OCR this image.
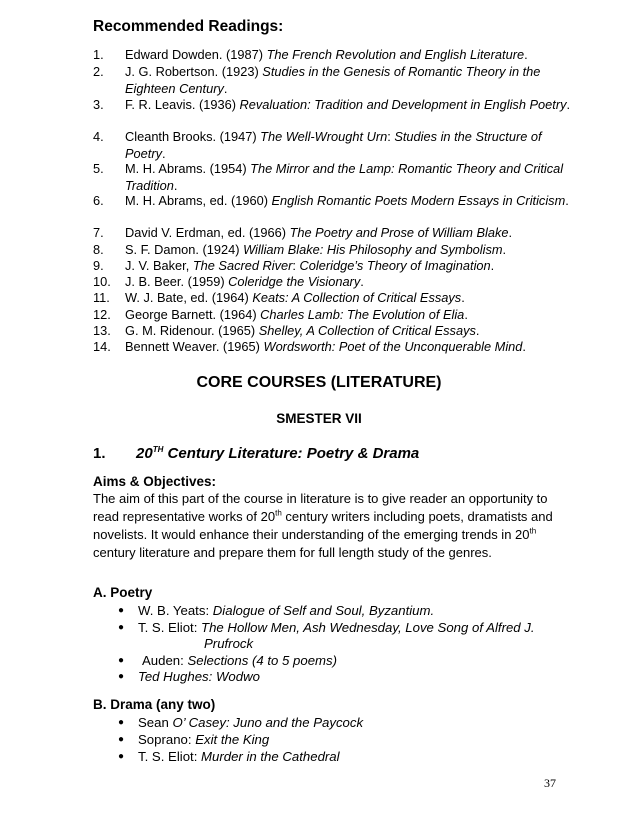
Recommended Readings:
1. Edward Dowden. (1987) The French Revolution and English Literature.
2. J. G. Robertson. (1923) Studies in the Genesis of Romantic Theory in the Eighteen Century.
3. F. R. Leavis. (1936) Revaluation: Tradition and Development in English Poetry.
4. Cleanth Brooks. (1947) The Well-Wrought Urn: Studies in the Structure of Poetry.
5. M. H. Abrams. (1954) The Mirror and the Lamp: Romantic Theory and Critical Tradition.
6. M. H. Abrams, ed. (1960) English Romantic Poets Modern Essays in Criticism.
7. David V. Erdman, ed. (1966) The Poetry and Prose of William Blake.
8. S. F. Damon. (1924) William Blake: His Philosophy and Symbolism.
9. J. V. Baker, The Sacred River: Coleridge’s Theory of Imagination.
10. J. B. Beer. (1959) Coleridge the Visionary.
11. W. J. Bate, ed. (1964) Keats: A Collection of Critical Essays.
12. George Barnett. (1964) Charles Lamb: The Evolution of Elia.
13. G. M. Ridenour. (1965) Shelley, A Collection of Critical Essays.
14. Bennett Weaver. (1965) Wordsworth: Poet of the Unconquerable Mind.
CORE COURSES (LITERATURE)
SMESTER VII
1. 20TH Century Literature: Poetry & Drama
Aims & Objectives:
The aim of this part of the course in literature is to give reader an opportunity to read representative works of 20th century writers including poets, dramatists and novelists. It would enhance their understanding of the emerging trends in 20th century literature and prepare them for full length study of the genres.
A. Poetry
● W. B. Yeats: Dialogue of Self and Soul, Byzantium.
● T. S. Eliot: The Hollow Men, Ash Wednesday, Love Song of Alfred J.
Prufrock
● Auden: Selections (4 to 5 poems)
● Ted Hughes: Wodwo
B. Drama (any two)
● Sean O’ Casey: Juno and the Paycock
● Soprano: Exit the King
● T. S. Eliot: Murder in the Cathedral
37
